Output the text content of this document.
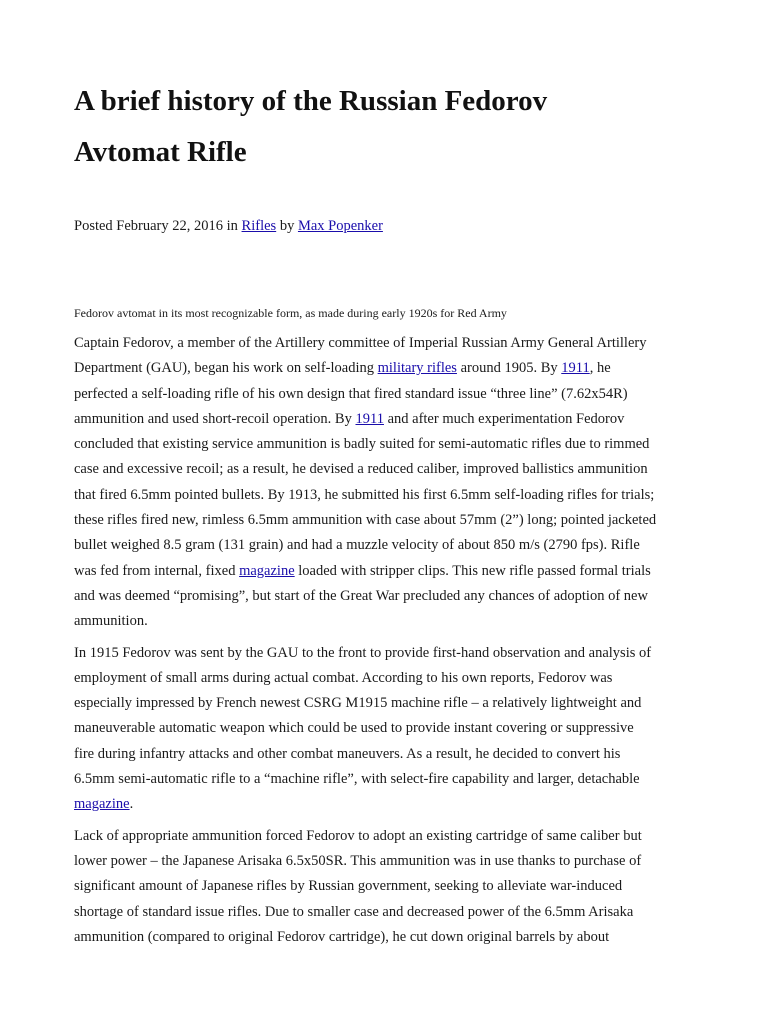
A brief history of the Russian Fedorov
Avtomat Rifle
Posted February 22, 2016 in Rifles by Max Popenker
Fedorov avtomat in its most recognizable form, as made during early 1920s for Red Army

Captain Fedorov, a member of the Artillery committee of Imperial Russian Army General Artillery
Department (GAU), began his work on self-loading military rifles around 1905. By 1911, he
perfected a self-loading rifle of his own design that fired standard issue “three line” (7.62x54R)
ammunition and used short-recoil operation. By 1911 and after much experimentation Fedorov
concluded that existing service ammunition is badly suited for semi-automatic rifles due to rimmed
case and excessive recoil; as a result, he devised a reduced caliber, improved ballistics ammunition
that fired 6.5mm pointed bullets. By 1913, he submitted his first 6.5mm self-loading rifles for trials;
these rifles fired new, rimless 6.5mm ammunition with case about 57mm (2”) long; pointed jacketed
bullet weighed 8.5 gram (131 grain) and had a muzzle velocity of about 850 m/s (2790 fps). Rifle
was fed from internal, fixed magazine loaded with stripper clips. This new rifle passed formal trials
and was deemed “promising”, but start of the Great War precluded any chances of adoption of new
ammunition.

In 1915 Fedorov was sent by the GAU to the front to provide first-hand observation and analysis of
employment of small arms during actual combat. According to his own reports, Fedorov was
especially impressed by French newest CSRG M1915 machine rifle – a relatively lightweight and
maneuverable automatic weapon which could be used to provide instant covering or suppressive
fire during infantry attacks and other combat maneuvers. As a result, he decided to convert his
6.5mm semi-automatic rifle to a “machine rifle”, with select-fire capability and larger, detachable
magazine.

Lack of appropriate ammunition forced Fedorov to adopt an existing cartridge of same caliber but
lower power – the Japanese Arisaka 6.5x50SR. This ammunition was in use thanks to purchase of
significant amount of Japanese rifles by Russian government, seeking to alleviate war-induced
shortage of standard issue rifles. Due to smaller case and decreased power of the 6.5mm Arisaka
ammunition (compared to original Fedorov cartridge), he cut down original barrels by about
